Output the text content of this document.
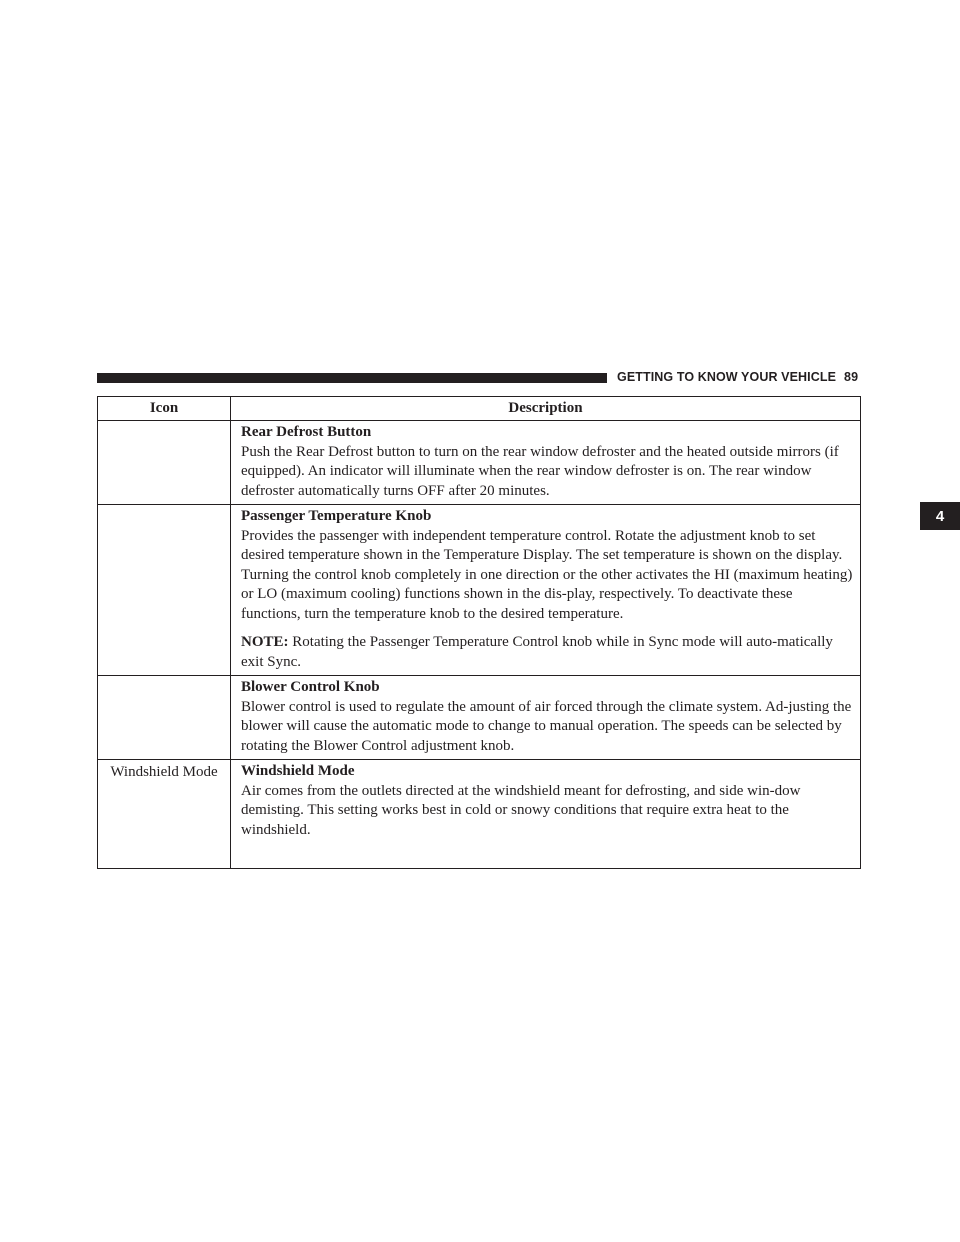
GETTING TO KNOW YOUR VEHICLE 89
4
Icon	Description

	Rear Defrost Button
Push the Rear Defrost button to turn on the rear window defroster and the heated outside mirrors (if equipped). An indicator will illuminate when the rear window defroster is on. The rear window defroster automatically turns OFF after 20 minutes.

	Passenger Temperature Knob
Provides the passenger with independent temperature control. Rotate the adjustment knob to set desired temperature shown in the Temperature Display. The set temperature is shown on the display. Turning the control knob completely in one direction or the other activates the HI (maximum heating) or LO (maximum cooling) functions shown in the dis-play, respectively. To deactivate these functions, turn the temperature knob to the desired temperature.
NOTE: Rotating the Passenger Temperature Control knob while in Sync mode will auto-matically exit Sync.

	Blower Control Knob
Blower control is used to regulate the amount of air forced through the climate system. Ad-justing the blower will cause the automatic mode to change to manual operation. The speeds can be selected by rotating the Blower Control adjustment knob.

Windshield Mode	Windshield Mode
Air comes from the outlets directed at the windshield meant for defrosting, and side win-dow demisting. This setting works best in cold or snowy conditions that require extra heat to the windshield.
